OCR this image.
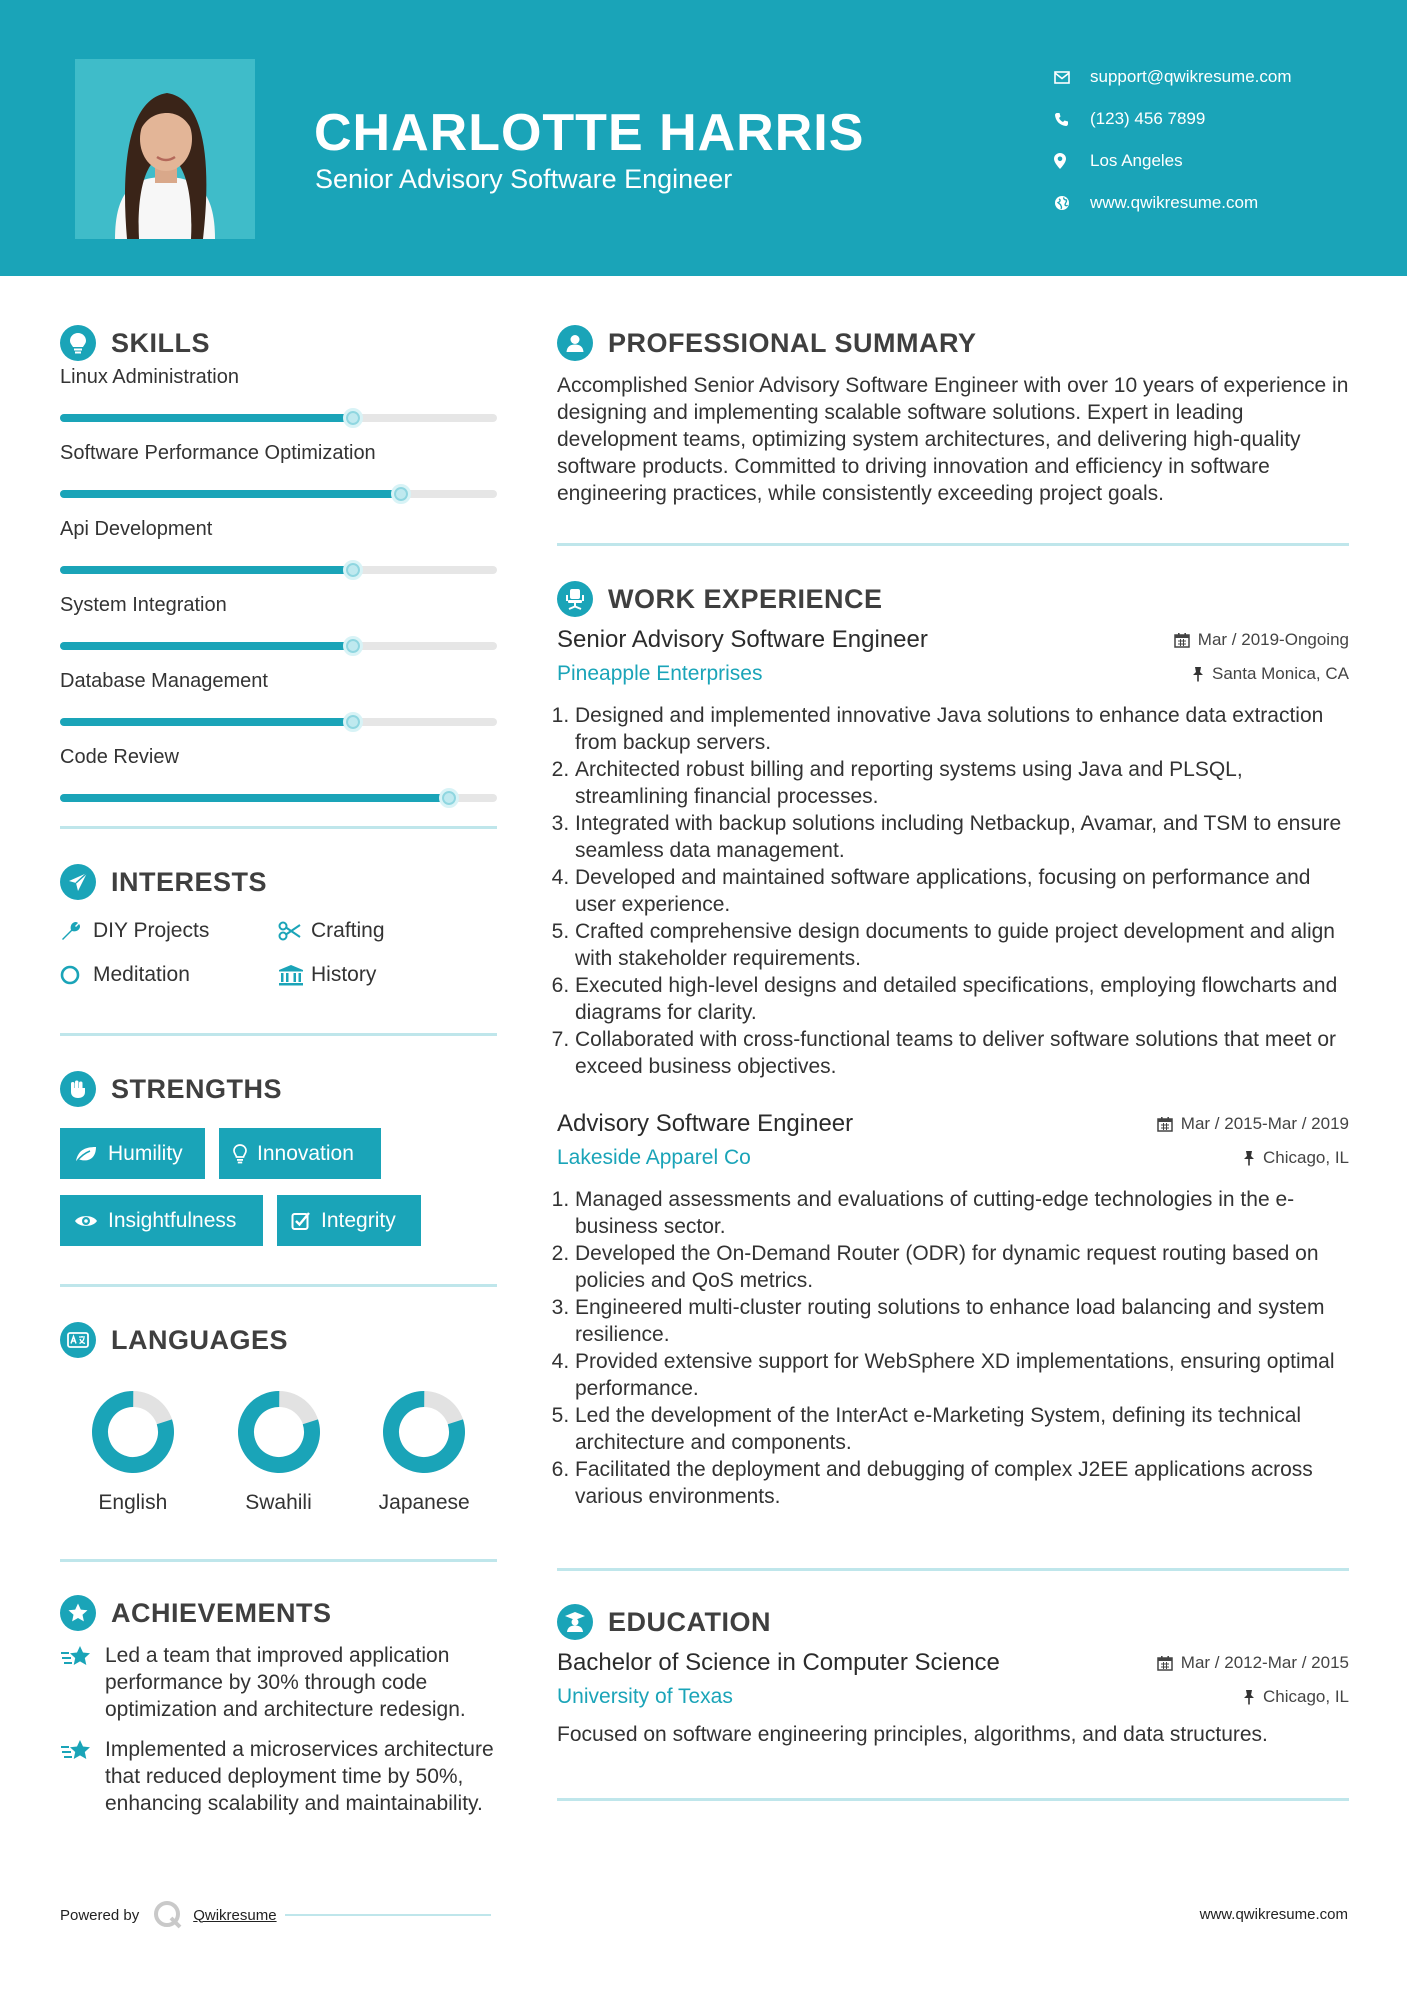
CHARLOTTE HARRIS
Senior Advisory Software Engineer
support@qwikresume.com
(123) 456 7899
Los Angeles
www.qwikresume.com
SKILLS
Linux Administration
Software Performance Optimization
Api Development
System Integration
Database Management
Code Review
INTERESTS
DIY Projects	Crafting
Meditation	History
STRENGTHS
Humility	Innovation
Insightfulness	Integrity
LANGUAGES
English	Swahili	Japanese
ACHIEVEMENTS
Led a team that improved application performance by 30% through code optimization and architecture redesign.
Implemented a microservices architecture that reduced deployment time by 50%, enhancing scalability and maintainability.
PROFESSIONAL SUMMARY

Accomplished Senior Advisory Software Engineer with over 10 years of experience in designing and implementing scalable software solutions. Expert in leading development teams, optimizing system architectures, and delivering high-quality software products. Committed to driving innovation and efficiency in software engineering practices, while consistently exceeding project goals.

WORK EXPERIENCE
Senior Advisory Software Engineer	Mar / 2019-Ongoing
Pineapple Enterprises	Santa Monica, CA
1. Designed and implemented innovative Java solutions to enhance data extraction from backup servers.
2. Architected robust billing and reporting systems using Java and PLSQL, streamlining financial processes.
3. Integrated with backup solutions including Netbackup, Avamar, and TSM to ensure seamless data management.
4. Developed and maintained software applications, focusing on performance and user experience.
5. Crafted comprehensive design documents to guide project development and align with stakeholder requirements.
6. Executed high-level designs and detailed specifications, employing flowcharts and diagrams for clarity.
7. Collaborated with cross-functional teams to deliver software solutions that meet or exceed business objectives.
Advisory Software Engineer	Mar / 2015-Mar / 2019
Lakeside Apparel Co	Chicago, IL
1. Managed assessments and evaluations of cutting-edge technologies in the e-business sector.
2. Developed the On-Demand Router (ODR) for dynamic request routing based on policies and QoS metrics.
3. Engineered multi-cluster routing solutions to enhance load balancing and system resilience.
4. Provided extensive support for WebSphere XD implementations, ensuring optimal performance.
5. Led the development of the InterAct e-Marketing System, defining its technical architecture and components.
6. Facilitated the deployment and debugging of complex J2EE applications across various environments.
EDUCATION
Bachelor of Science in Computer Science	Mar / 2012-Mar / 2015
University of Texas	Chicago, IL

Focused on software engineering principles, algorithms, and data structures.

Powered by	Qwikresume	www.qwikresume.com
